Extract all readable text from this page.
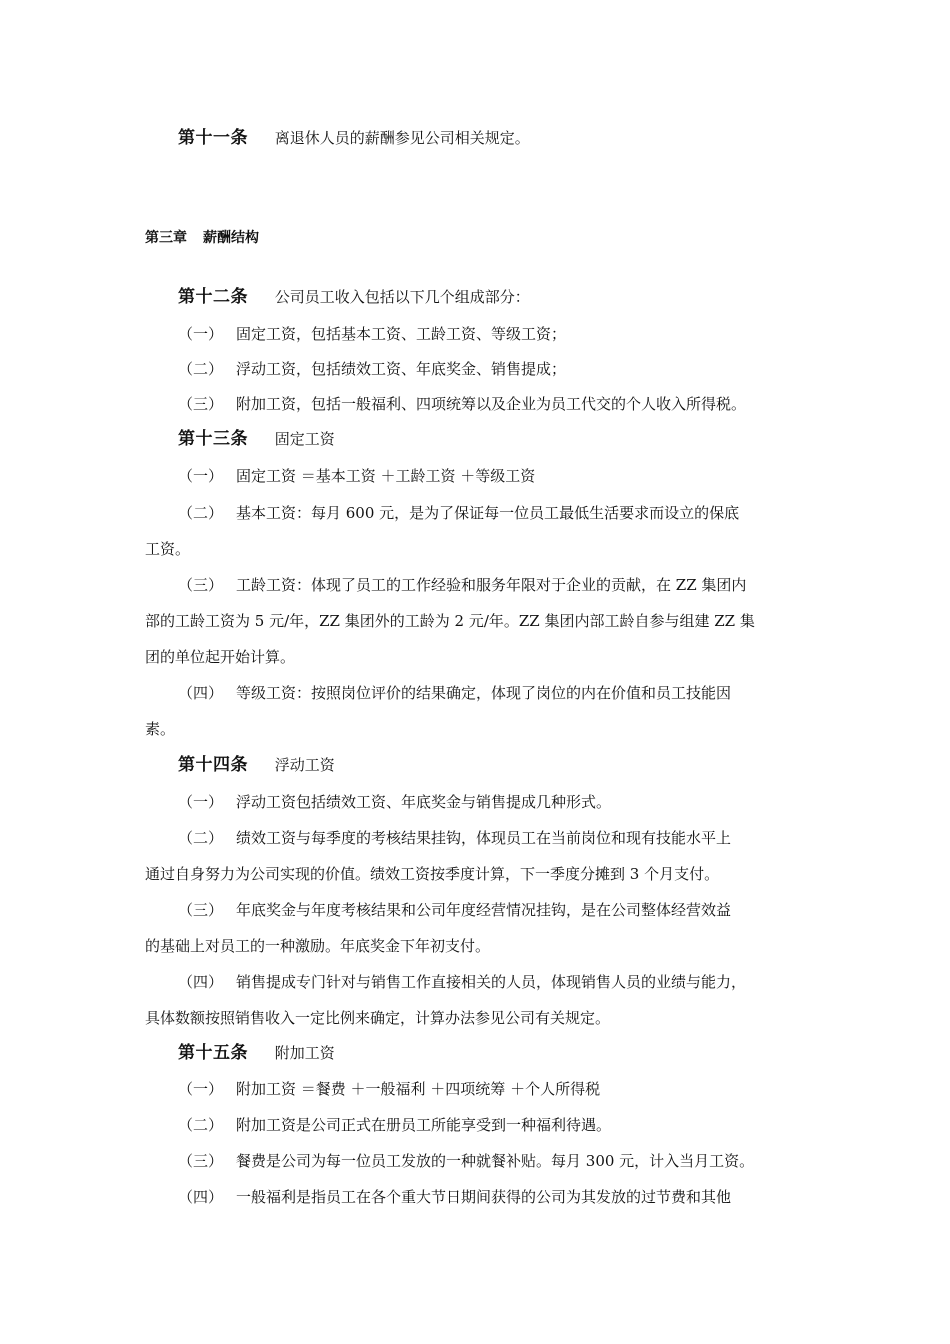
第十一条 离退休人员的薪酬参见公司相关规定。
第三章 薪酬结构
第十二条 公司员工收入包括以下几个组成部分：
（一） 固定工资，包括基本工资、工龄工资、等级工资；
（二） 浮动工资，包括绩效工资、年底奖金、销售提成；
（三） 附加工资，包括一般福利、四项统筹以及企业为员工代交的个人收入所得税。
第十三条 固定工资
（一） 固定工资 ＝基本工资 ＋工龄工资 ＋等级工资
（二） 基本工资：每月 600 元，是为了保证每一位员工最低生活要求而设立的保底
工资。
（三） 工龄工资：体现了员工的工作经验和服务年限对于企业的贡献，在 ZZ 集团内
部的工龄工资为 5 元/年，ZZ 集团外的工龄为 2 元/年。ZZ 集团内部工龄自参与组建 ZZ 集
团的单位起开始计算。
（四） 等级工资：按照岗位评价的结果确定，体现了岗位的内在价值和员工技能因
素。
第十四条 浮动工资
（一） 浮动工资包括绩效工资、年底奖金与销售提成几种形式。
（二） 绩效工资与每季度的考核结果挂钩，体现员工在当前岗位和现有技能水平上
通过自身努力为公司实现的价值。绩效工资按季度计算，下一季度分摊到 3 个月支付。
（三） 年底奖金与年度考核结果和公司年度经营情况挂钩，是在公司整体经营效益
的基础上对员工的一种激励。年底奖金下年初支付。
（四） 销售提成专门针对与销售工作直接相关的人员，体现销售人员的业绩与能力，
具体数额按照销售收入一定比例来确定，计算办法参见公司有关规定。
第十五条 附加工资
（一） 附加工资 ＝餐费 ＋一般福利 ＋四项统筹 ＋个人所得税
（二） 附加工资是公司正式在册员工所能享受到一种福利待遇。
（三） 餐费是公司为每一位员工发放的一种就餐补贴。每月 300 元，计入当月工资。
（四） 一般福利是指员工在各个重大节日期间获得的公司为其发放的过节费和其他
